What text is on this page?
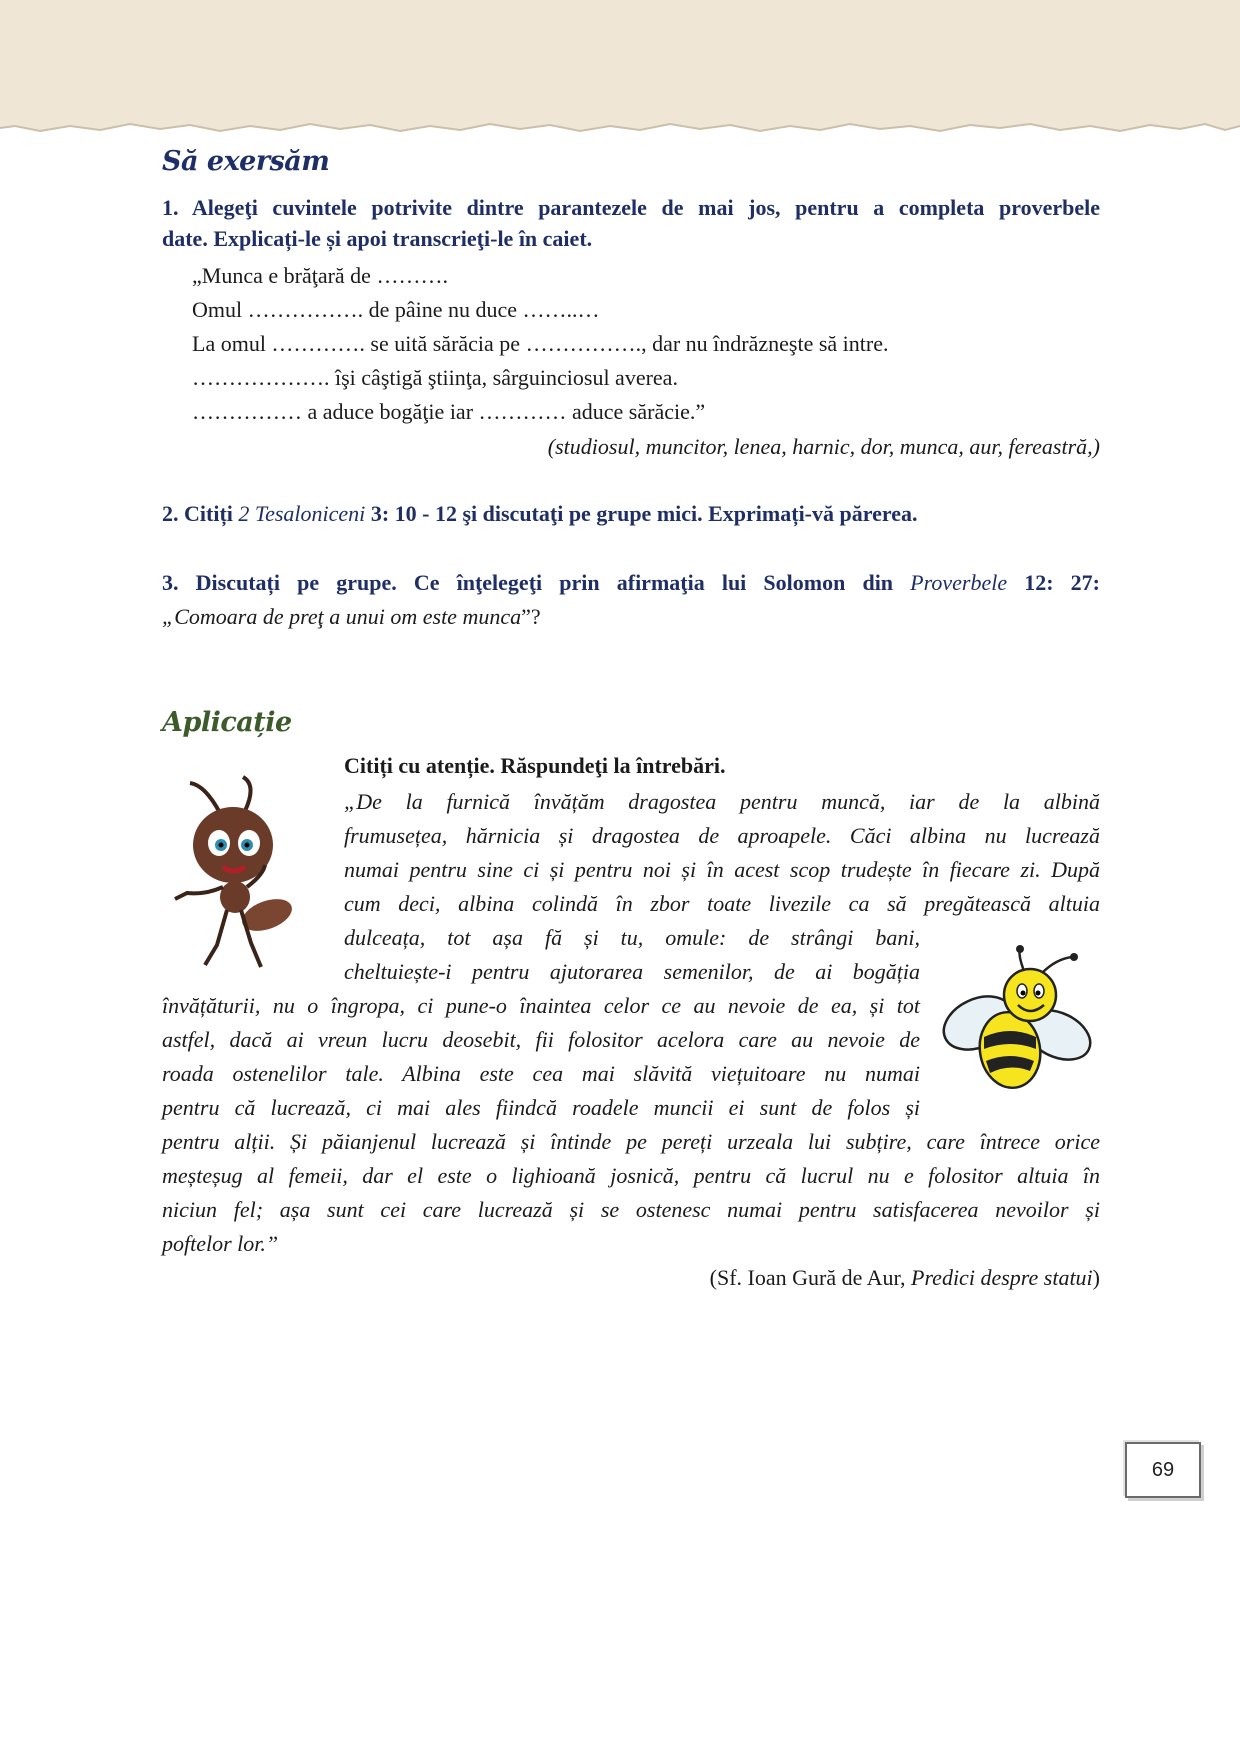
Să exersăm
1. Alegeţi cuvintele potrivite dintre parantezele de mai jos, pentru a completa proverbele
date. Explicați-le și apoi transcrieţi-le în caiet.
„Munca e brăţară de ……….
Omul ……………. de pâine nu duce ……..…
La omul …………. se uită sărăcia pe ……………., dar nu îndrăzneşte să intre.
………………. îşi câştigă ştiinţa, sârguinciosul averea.
…………… a aduce bogăţie iar ………… aduce sărăcie.”
(studiosul, muncitor, lenea, harnic, dor, munca, aur, fereastră,)
2. Citiți 2 Tesaloniceni 3: 10 - 12 şi discutaţi pe grupe mici. Exprimați-vă părerea.
3. Discutați pe grupe. Ce înţelegeţi prin afirmaţia lui Solomon din Proverbele 12: 27:
„Comoara de preţ a unui om este munca”?
Aplicație
Citiți cu atenție. Răspundeţi la întrebări.
„De la furnică învățăm dragostea pentru muncă, iar de la albină
frumusețea, hărnicia și dragostea de aproapele. Căci albina nu lucrează
numai pentru sine ci și pentru noi și în acest scop trudește în fiecare zi. După
cum deci, albina colindă în zbor toate livezile ca să pregătească altuia
dulceața, tot așa fă și tu, omule: de strângi bani,
cheltuiește-i pentru ajutorarea semenilor, de ai bogăția
învățăturii, nu o îngropa, ci pune-o înaintea celor ce au nevoie de ea, și tot
astfel, dacă ai vreun lucru deosebit, fii folositor acelora care au nevoie de
roada ostenelilor tale. Albina este cea mai slăvită viețuitoare nu numai
pentru că lucrează, ci mai ales fiindcă roadele muncii ei sunt de folos și
pentru alții. Și păianjenul lucrează și întinde pe pereți urzeala lui subțire, care întrece orice
meșteșug al femeii, dar el este o lighioană josnică, pentru că lucrul nu e folositor altuia în
niciun fel; așa sunt cei care lucrează și se ostenesc numai pentru satisfacerea nevoilor și
poftelor lor.”
(Sf. Ioan Gură de Aur, Predici despre statui)
69
